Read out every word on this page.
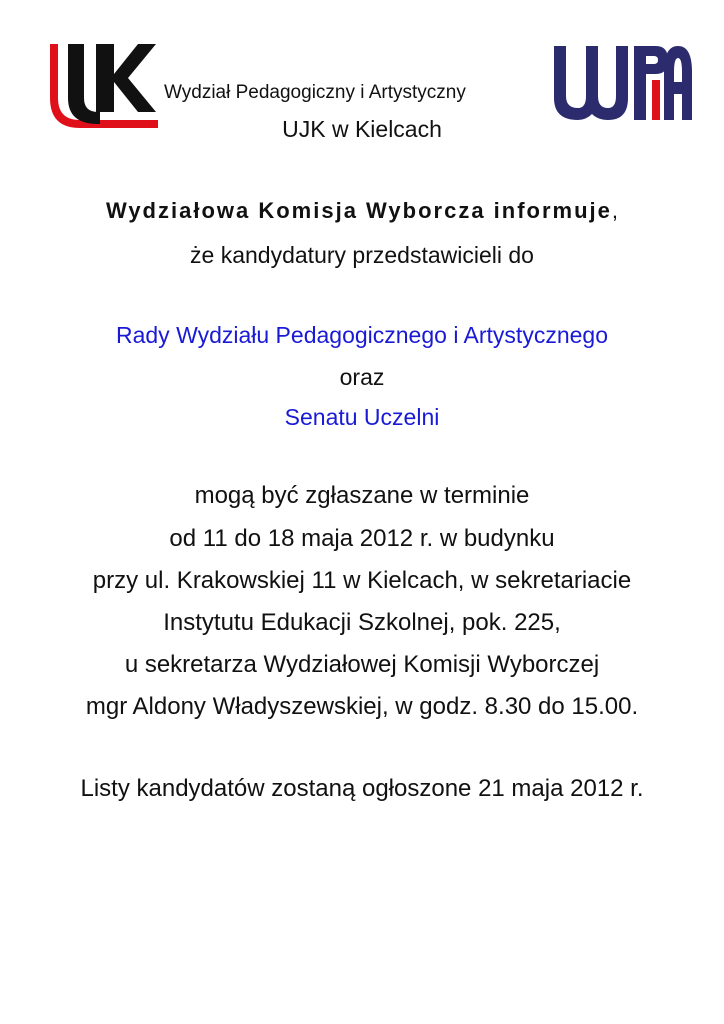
Wydział Pedagogiczny i Artystyczny
UJK w Kielcach
Wydziałowa Komisja Wyborcza informuje,
że kandydatury przedstawicieli do
Rady Wydziału Pedagogicznego i Artystycznego
oraz
Senatu Uczelni
mogą być zgłaszane w terminie
od 11 do 18 maja 2012 r. w budynku
przy ul. Krakowskiej 11 w Kielcach, w sekretariacie
Instytutu Edukacji Szkolnej, pok. 225,
u sekretarza Wydziałowej Komisji Wyborczej
mgr Aldony Władyszewskiej, w godz. 8.30 do 15.00.
Listy kandydatów zostaną ogłoszone 21 maja 2012 r.
